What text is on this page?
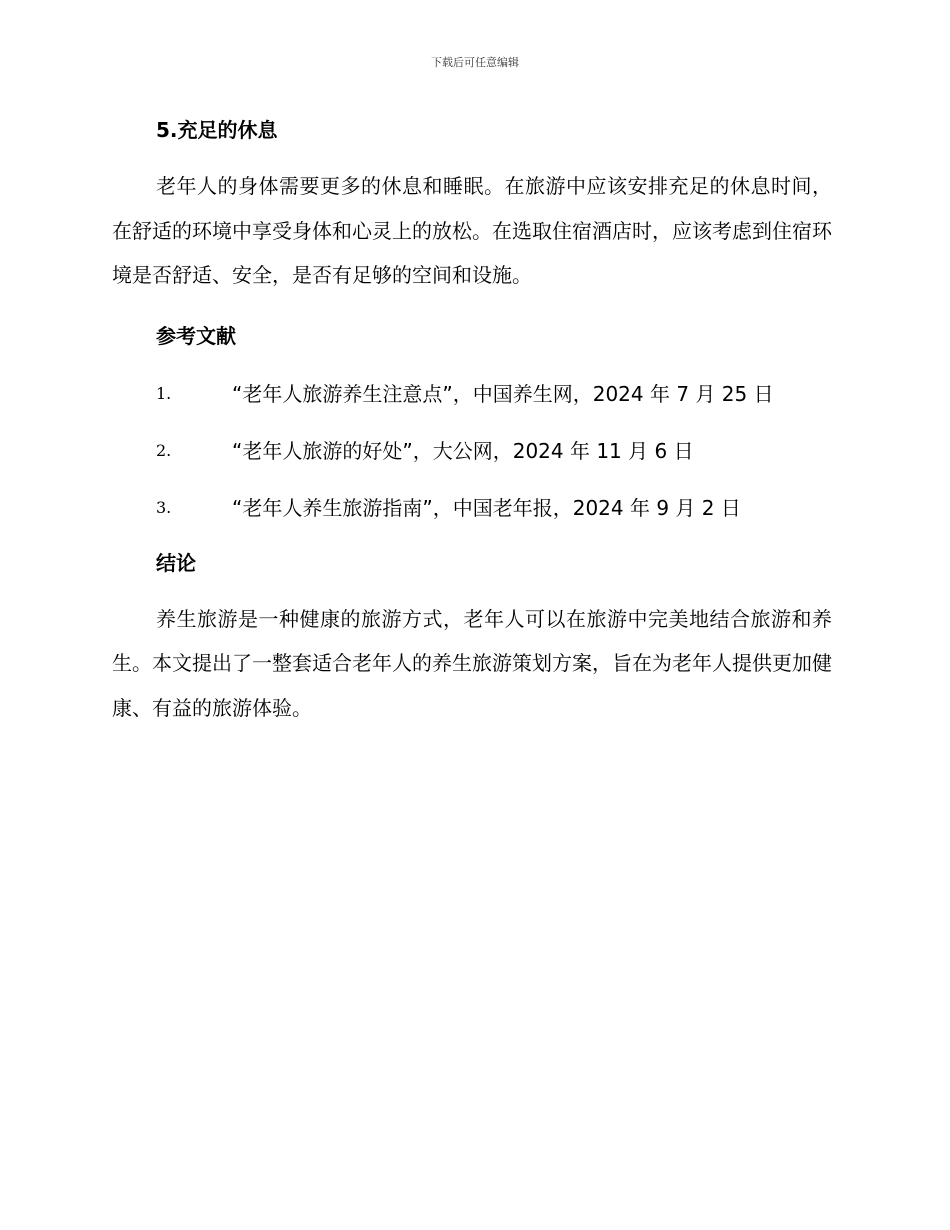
下载后可任意编辑
5.充足的休息

老年人的身体需要更多的休息和睡眠。在旅游中应该安排充足的休息时间，在舒适的环境中享受身体和心灵上的放松。在选取住宿酒店时，应该考虑到住宿环境是否舒适、安全，是否有足够的空间和设施。

参考文献
1.	“老年人旅游养生注意点”，中国养生网，2024 年 7 月 25 日
2.	“老年人旅游的好处”，大公网，2024 年 11 月 6 日
3.	“老年人养生旅游指南”，中国老年报，2024 年 9 月 2 日
结论

养生旅游是一种健康的旅游方式，老年人可以在旅游中完美地结合旅游和养生。本文提出了一整套适合老年人的养生旅游策划方案，旨在为老年人提供更加健康、有益的旅游体验。
